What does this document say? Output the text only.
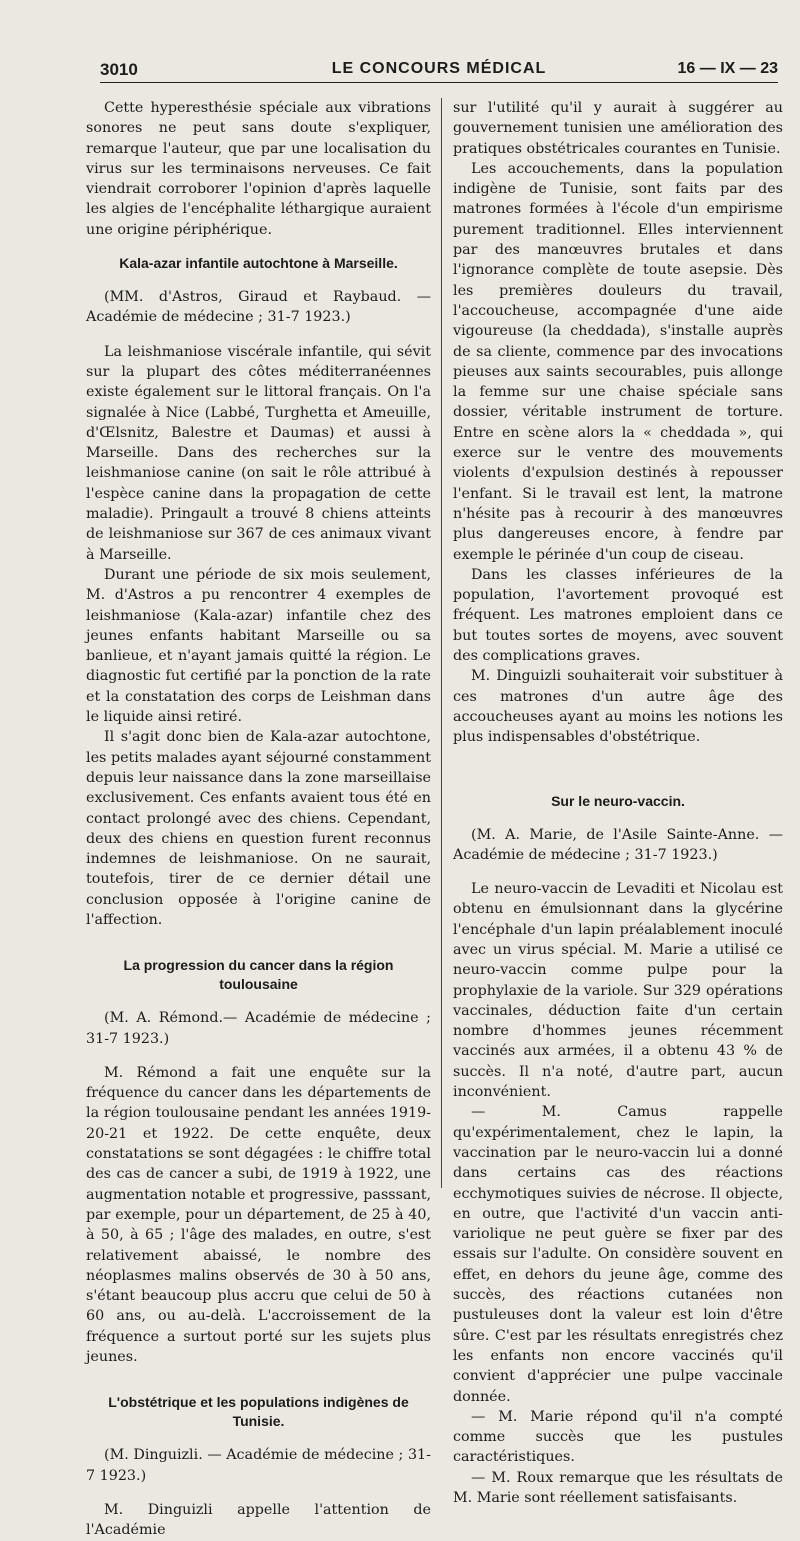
3010	LE CONCOURS MÉDICAL	16 — IX — 23

Cette hyperesthésie spéciale aux vibrations sonores ne peut sans doute s'expliquer, remarque l'auteur, que par une localisation du virus sur les terminaisons nerveuses. Ce fait viendrait corroborer l'opinion d'après laquelle les algies de l'encéphalite léthargique auraient une origine périphérique.

Kala-azar infantile autochtone à Marseille.

(MM. d'Astros, Giraud et Raybaud. — Académie de médecine ; 31-7 1923.)

La leishmaniose viscérale infantile, qui sévit sur la plupart des côtes méditerranéennes existe également sur le littoral français. On l'a signalée à Nice (Labbé, Turghetta et Ameuille, d'Œlsnitz, Balestre et Daumas) et aussi à Marseille. Dans des recherches sur la leishmaniose canine (on sait le rôle attribué à l'espèce canine dans la propagation de cette maladie). Pringault a trouvé 8 chiens atteints de leishmaniose sur 367 de ces animaux vivant à Marseille.

Durant une période de six mois seulement, M. d'Astros a pu rencontrer 4 exemples de leishmaniose (Kala-azar) infantile chez des jeunes enfants habitant Marseille ou sa banlieue, et n'ayant jamais quitté la région. Le diagnostic fut certifié par la ponction de la rate et la constatation des corps de Leishman dans le liquide ainsi retiré.

Il s'agit donc bien de Kala-azar autochtone, les petits malades ayant séjourné constamment depuis leur naissance dans la zone marseillaise exclusivement. Ces enfants avaient tous été en contact prolongé avec des chiens. Cependant, deux des chiens en question furent reconnus indemnes de leishmaniose. On ne saurait, toutefois, tirer de ce dernier détail une conclusion opposée à l'origine canine de l'affection.

La progression du cancer dans la région
toulousaine

(M. A. Rémond.— Académie de médecine ; 31-7 1923.)

M. Rémond a fait une enquête sur la fréquence du cancer dans les départements de la région toulousaine pendant les années 1919-20-21 et 1922. De cette enquête, deux constatations se sont dégagées : le chiffre total des cas de cancer a subi, de 1919 à 1922, une augmentation notable et progressive, passsant, par exemple, pour un département, de 25 à 40, à 50, à 65 ; l'âge des malades, en outre, s'est relativement abaissé, le nombre des néoplasmes malins observés de 30 à 50 ans, s'étant beaucoup plus accru que celui de 50 à 60 ans, ou au-delà. L'accroissement de la fréquence a surtout porté sur les sujets plus jeunes.

L'obstétrique et les populations indigènes de Tunisie.

(M. Dinguizli. — Académie de médecine ; 31-7 1923.)

M. Dinguizli appelle l'attention de l'Académie

sur l'utilité qu'il y aurait à suggérer au gouvernement tunisien une amélioration des pratiques obstétricales courantes en Tunisie.

Les accouchements, dans la population indigène de Tunisie, sont faits par des matrones formées à l'école d'un empirisme purement traditionnel. Elles interviennent par des manœuvres brutales et dans l'ignorance complète de toute asepsie. Dès les premières douleurs du travail, l'accoucheuse, accompagnée d'une aide vigoureuse (la cheddada), s'installe auprès de sa cliente, commence par des invocations pieuses aux saints secourables, puis allonge la femme sur une chaise spéciale sans dossier, véritable instrument de torture. Entre en scène alors la « cheddada », qui exerce sur le ventre des mouvements violents d'expulsion destinés à repousser l'enfant. Si le travail est lent, la matrone n'hésite pas à recourir à des manœuvres plus dangereuses encore, à fendre par exemple le périnée d'un coup de ciseau.

Dans les classes inférieures de la population, l'avortement provoqué est fréquent. Les matrones emploient dans ce but toutes sortes de moyens, avec souvent des complications graves.

M. Dinguizli souhaiterait voir substituer à ces matrones d'un autre âge des accoucheuses ayant au moins les notions les plus indispensables d'obstétrique.

Sur le neuro-vaccin.

(M. A. Marie, de l'Asile Sainte-Anne. — Académie de médecine ; 31-7 1923.)

Le neuro-vaccin de Levaditi et Nicolau est obtenu en émulsionnant dans la glycérine l'encéphale d'un lapin préalablement inoculé avec un virus spécial. M. Marie a utilisé ce neuro-vaccin comme pulpe pour la prophylaxie de la variole. Sur 329 opérations vaccinales, déduction faite d'un certain nombre d'hommes jeunes récemment vaccinés aux armées, il a obtenu 43 % de succès. Il n'a noté, d'autre part, aucun inconvénient.

— M. Camus rappelle qu'expérimentalement, chez le lapin, la vaccination par le neuro-vaccin lui a donné dans certains cas des réactions ecchymotiques suivies de nécrose. Il objecte, en outre, que l'activité d'un vaccin anti-variolique ne peut guère se fixer par des essais sur l'adulte. On considère souvent en effet, en dehors du jeune âge, comme des succès, des réactions cutanées non pustuleuses dont la valeur est loin d'être sûre. C'est par les résultats enregistrés chez les enfants non encore vaccinés qu'il convient d'apprécier une pulpe vaccinale donnée.

— M. Marie répond qu'il n'a compté comme succès que les pustules caractéristiques.

— M. Roux remarque que les résultats de M. Marie sont réellement satisfaisants.
